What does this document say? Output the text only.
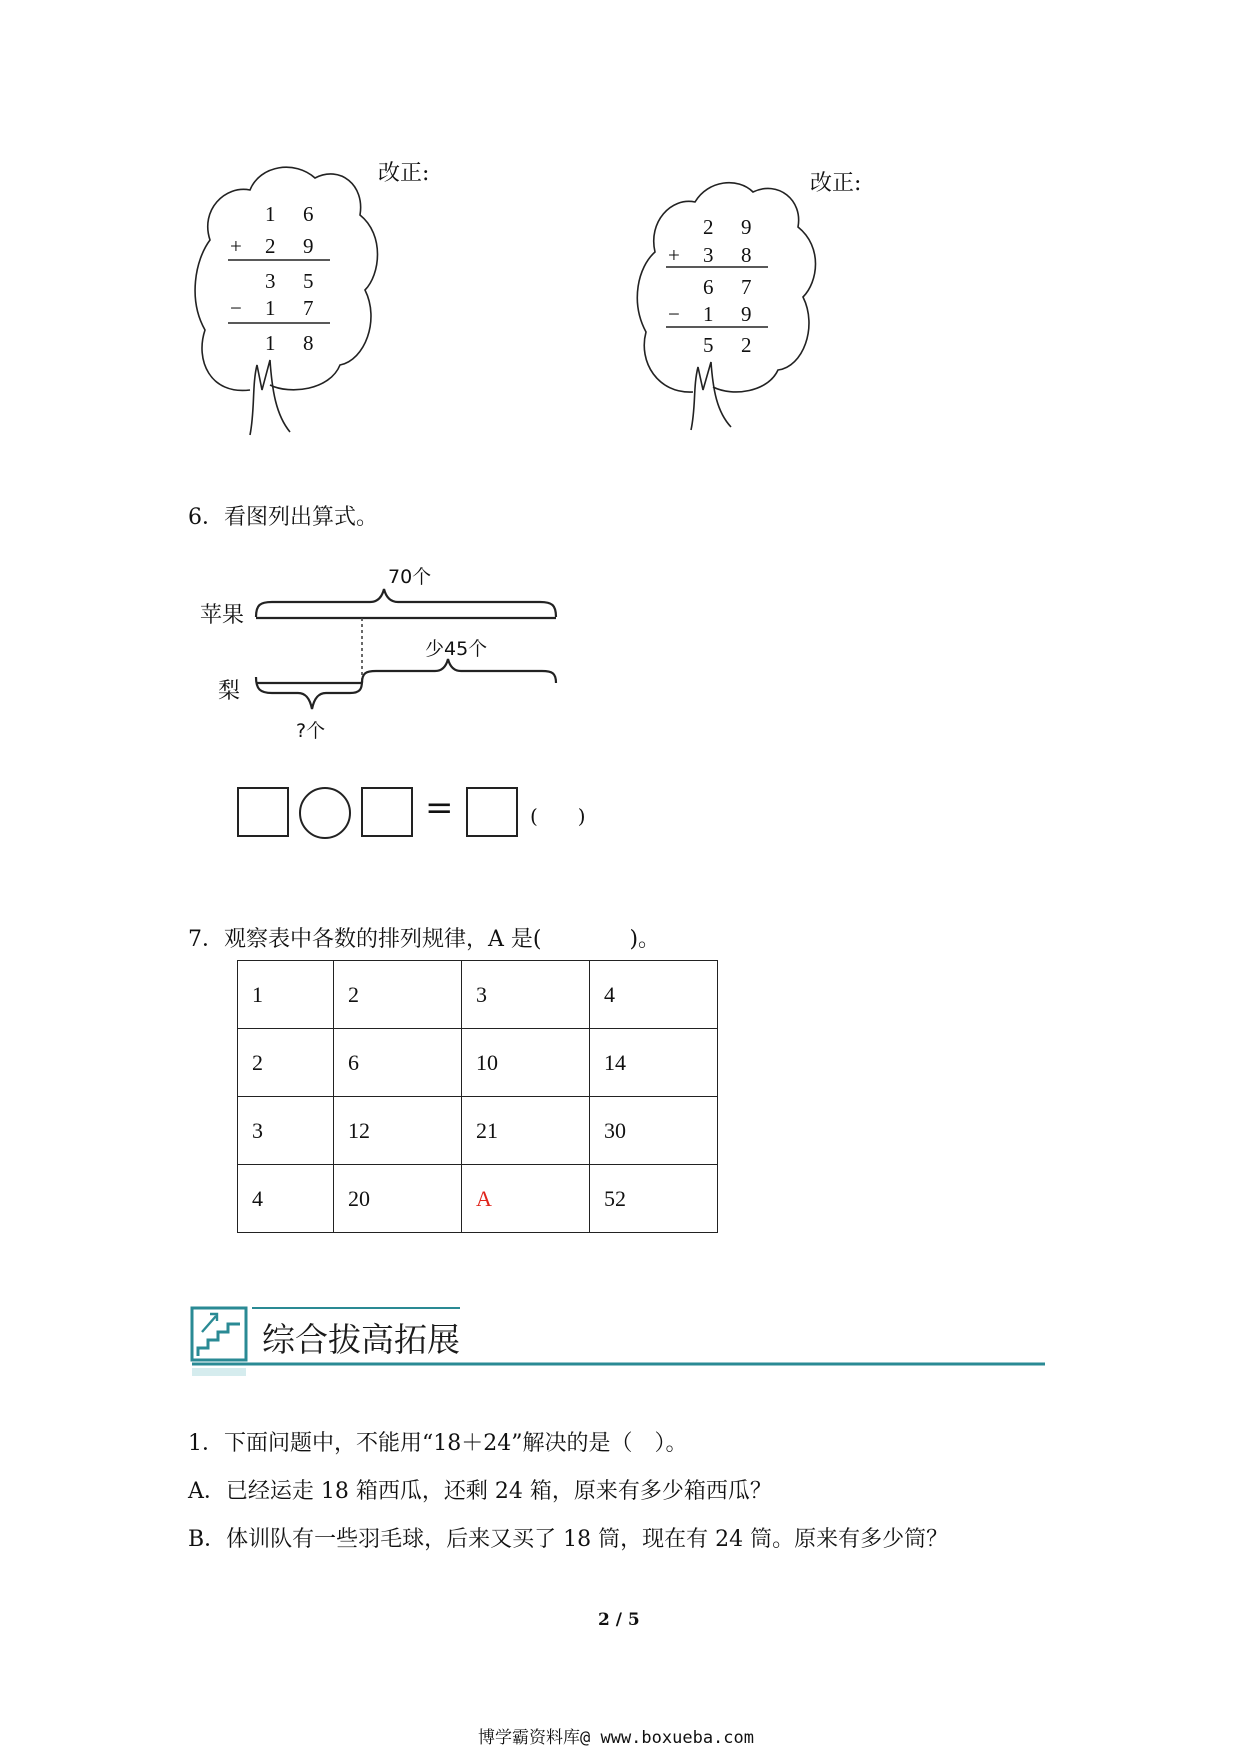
改正:
1 6
+ 2 9
3 5
− 1 7
1 8
改正:
2 9
+ 3 8
6 7
− 1 9
5 2
6．看图列出算式。
苹果
梨
70个
少45个
?个
=	(　　)
7．观察表中各数的排列规律，A 是(　　　　)。
1	2	3	4
2	6	10	14
3	12	21	30
4	20	A	52
综合拔高拓展
1．下面问题中，不能用“18＋24”解决的是（　）。
A．已经运走 18 箱西瓜，还剩 24 箱，原来有多少箱西瓜？
B．体训队有一些羽毛球，后来又买了 18 筒，现在有 24 筒。原来有多少筒？
2 / 5
博学霸资料库@ www.boxueba.com
